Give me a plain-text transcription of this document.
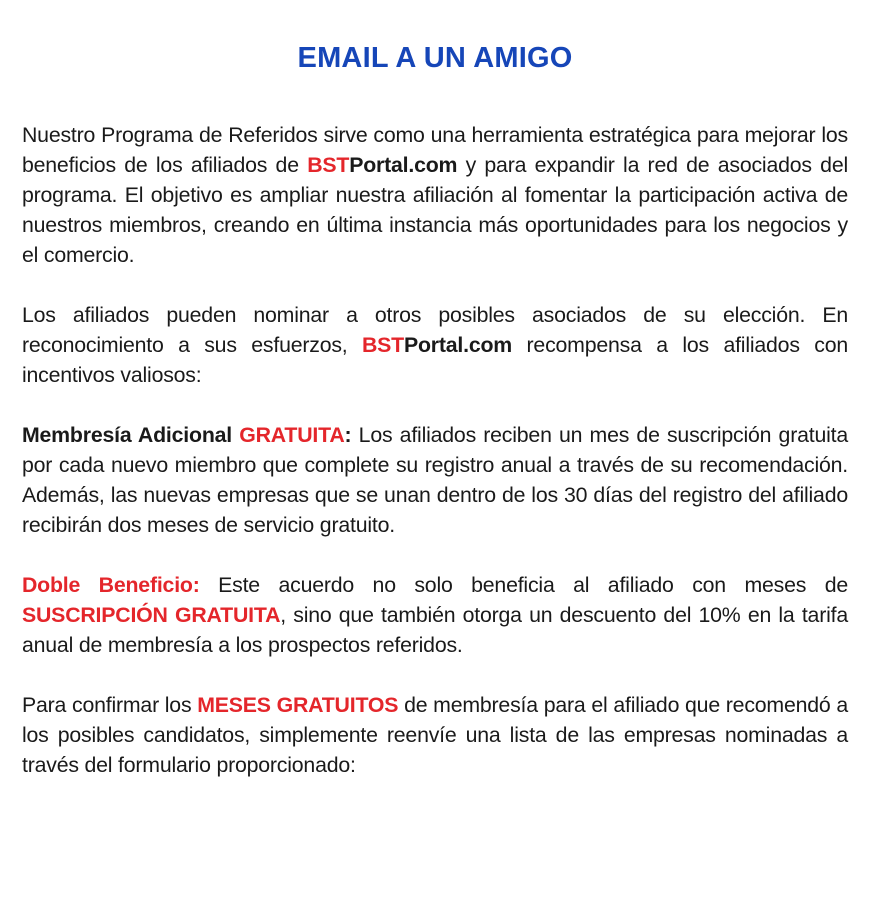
EMAIL A UN AMIGO

Nuestro Programa de Referidos sirve como una herramienta estratégica para mejorar los beneficios de los afiliados de BSTPortal.com y para expandir la red de asociados del programa. El objetivo es ampliar nuestra afiliación al fomentar la participación activa de nuestros miembros, creando en última instancia más oportunidades para los negocios y el comercio.

Los afiliados pueden nominar a otros posibles asociados de su elección. En reconocimiento a sus esfuerzos, BSTPortal.com recompensa a los afiliados con incentivos valiosos:

Membresía Adicional GRATUITA: Los afiliados reciben un mes de suscripción gratuita por cada nuevo miembro que complete su registro anual a través de su recomendación. Además, las nuevas empresas que se unan dentro de los 30 días del registro del afiliado recibirán dos meses de servicio gratuito.

Doble Beneficio: Este acuerdo no solo beneficia al afiliado con meses de SUSCRIPCIÓN GRATUITA, sino que también otorga un descuento del 10% en la tarifa anual de membresía a los prospectos referidos.

Para confirmar los MESES GRATUITOS de membresía para el afiliado que recomendó a los posibles candidatos, simplemente reenvíe una lista de las empresas nominadas a través del formulario proporcionado:
